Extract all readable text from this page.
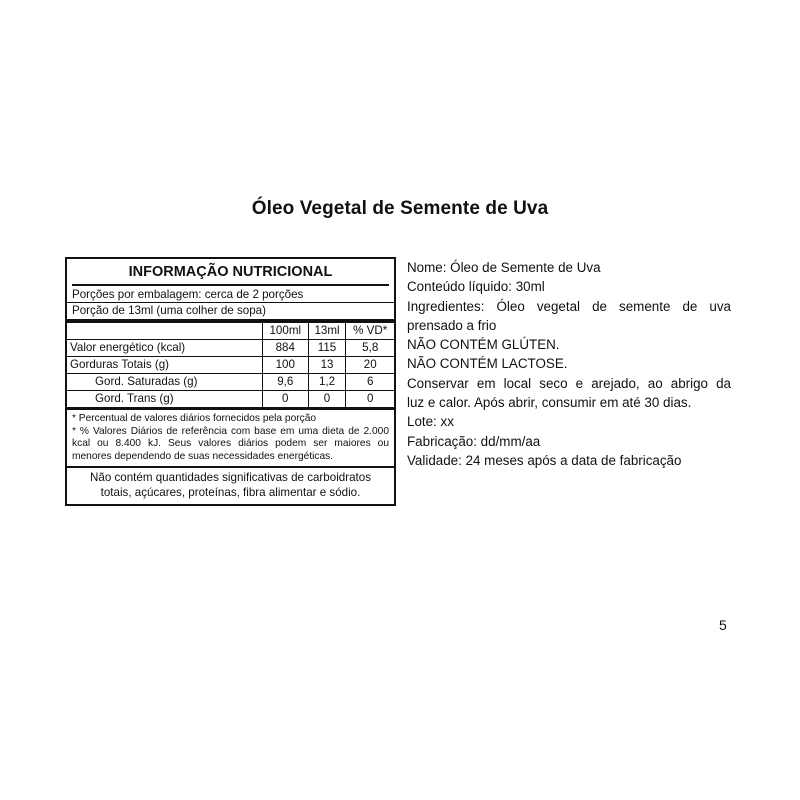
Óleo Vegetal de Semente de Uva
INFORMAÇÃO NUTRICIONAL
Porções por embalagem: cerca de 2 porções
Porção de 13ml (uma colher de sopa)
	100ml	13ml	% VD*
Valor energético (kcal)	884	115	5,8
Gorduras Totais (g)	100	13	20
Gord. Saturadas (g)	9,6	1,2	6
Gord. Trans (g)	0	0	0
* Percentual de valores diários fornecidos pela porção
* % Valores Diários de referência com base em uma dieta de 2.000 kcal ou 8.400 kJ. Seus valores diários podem ser maiores ou menores dependendo de suas necessidades energéticas.
Não contém quantidades significativas de carboidratos totais, açúcares, proteínas, fibra alimentar e sódio.
Nome: Óleo de Semente de Uva
Conteúdo líquido: 30ml
Ingredientes: Óleo vegetal de semente de uva
prensado a frio
NÃO CONTÉM GLÚTEN.
NÃO CONTÉM LACTOSE.
Conservar em local seco e arejado, ao abrigo da
luz e calor. Após abrir, consumir em até 30 dias.
Lote: xx
Fabricação: dd/mm/aa
Validade: 24 meses após a data de fabricação
5
